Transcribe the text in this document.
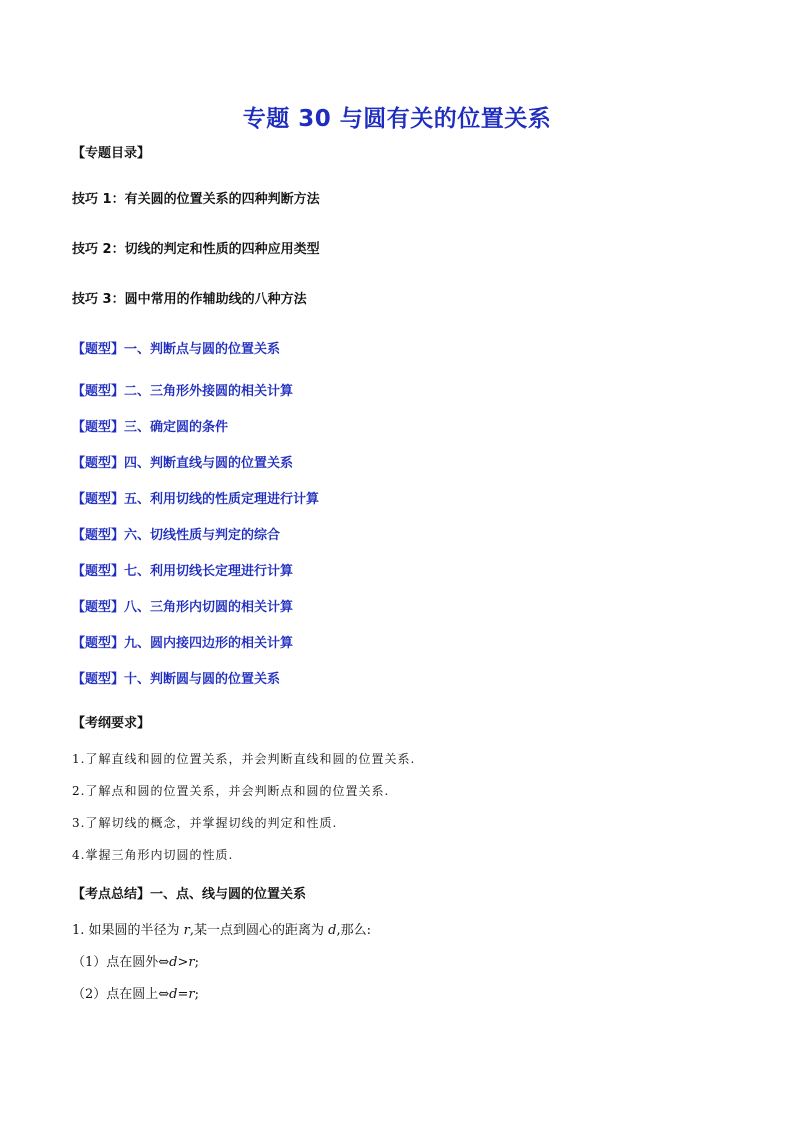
专题 30 与圆有关的位置关系
【专题目录】
技巧 1：有关圆的位置关系的四种判断方法
技巧 2：切线的判定和性质的四种应用类型
技巧 3：圆中常用的作辅助线的八种方法
【题型】一、判断点与圆的位置关系
【题型】二、三角形外接圆的相关计算
【题型】三、确定圆的条件
【题型】四、判断直线与圆的位置关系
【题型】五、利用切线的性质定理进行计算
【题型】六、切线性质与判定的综合
【题型】七、利用切线长定理进行计算
【题型】八、三角形内切圆的相关计算
【题型】九、圆内接四边形的相关计算
【题型】十、判断圆与圆的位置关系
【考纲要求】
1.了解直线和圆的位置关系，并会判断直线和圆的位置关系.
2.了解点和圆的位置关系，并会判断点和圆的位置关系.
3.了解切线的概念，并掌握切线的判定和性质.
4.掌握三角形内切圆的性质.
【考点总结】一、点、线与圆的位置关系
1. 如果圆的半径为 r,某一点到圆心的距离为 d,那么:
（1）点在圆外⇔d>r;
（2）点在圆上⇔d=r;
